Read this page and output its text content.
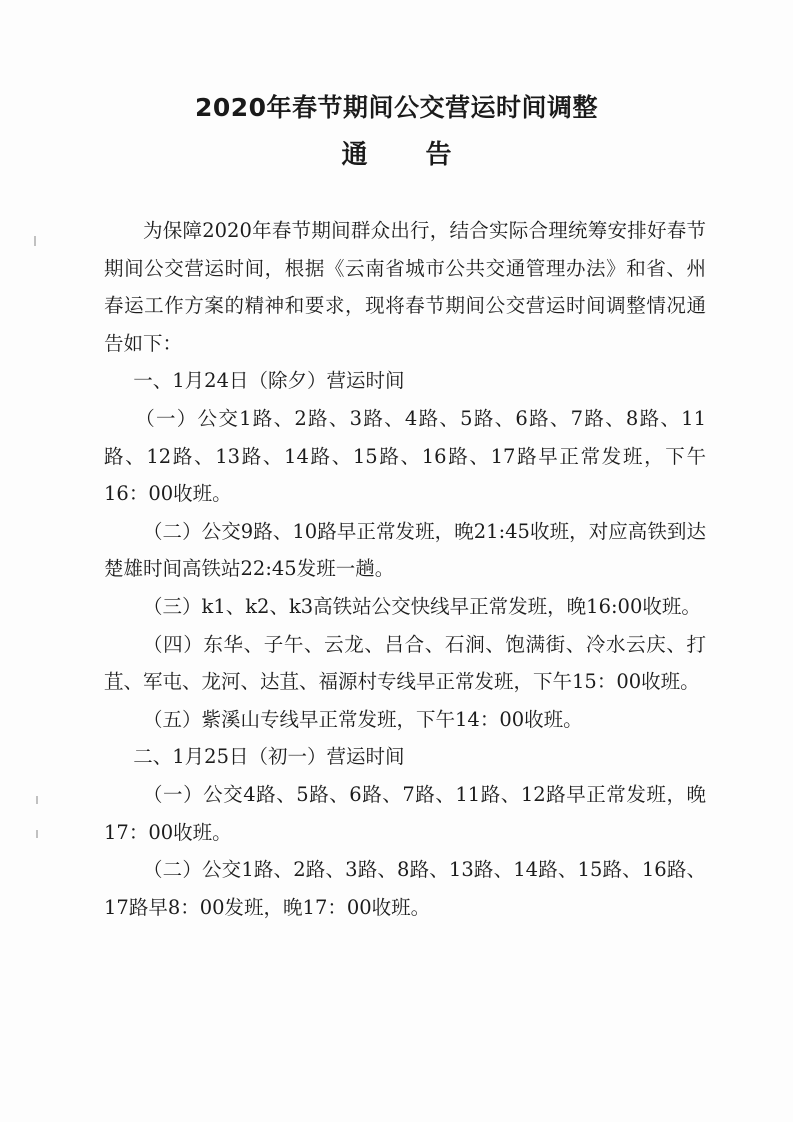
2020年春节期间公交营运时间调整
通告

为保障2020年春节期间群众出行，结合实际合理统筹安排好春节期间公交营运时间，根据《云南省城市公共交通管理办法》和省、州春运工作方案的精神和要求，现将春节期间公交营运时间调整情况通告如下：

一、1月24日（除夕）营运时间

（一）公交1路、2路、3路、4路、5路、6路、7路、8路、11路、12路、13路、14路、15路、16路、17路早正常发班，下午16：00收班。

（二）公交9路、10路早正常发班，晚21:45收班，对应高铁到达楚雄时间高铁站22:45发班一趟。

（三）k1、k2、k3高铁站公交快线早正常发班，晚16:00收班。

（四）东华、子午、云龙、吕合、石涧、饱满街、冷水云庆、打苴、军屯、龙河、达苴、福源村专线早正常发班，下午15：00收班。

（五）紫溪山专线早正常发班，下午14：00收班。

二、1月25日（初一）营运时间

（一）公交4路、5路、6路、7路、11路、12路早正常发班，晚17：00收班。

（二）公交1路、2路、3路、8路、13路、14路、15路、16路、17路早8：00发班，晚17：00收班。
